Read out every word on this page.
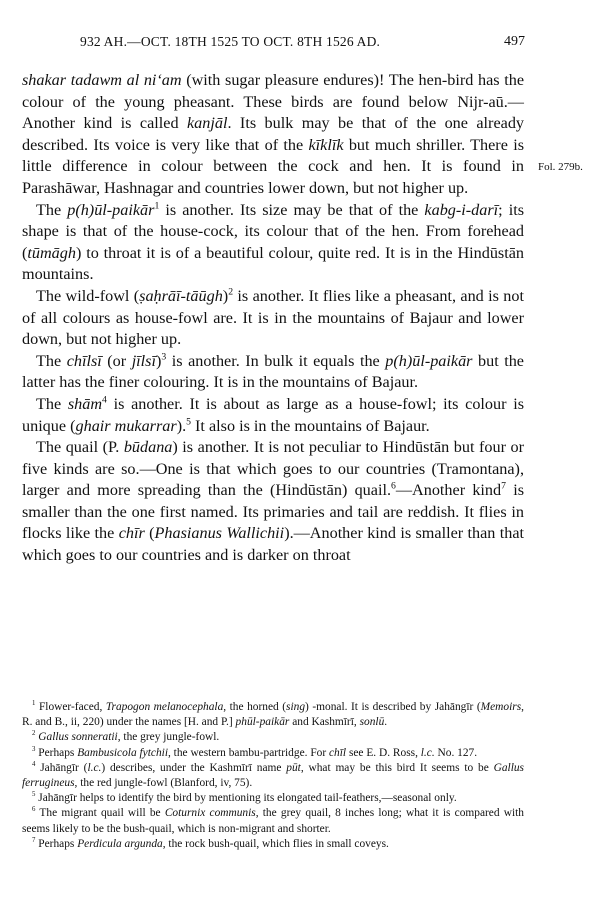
932 AH.—OCT. 18TH 1525 TO OCT. 8TH 1526 AD.	497
Fol. 279b.

shakar tadawm al ni‘am (with sugar pleasure endures)! The hen-bird has the colour of the young pheasant. These birds are found below Nijr-aū.—Another kind is called kanjāl. Its bulk may be that of the one already described. Its voice is very like that of the kīklīk but much shriller. There is little difference in colour between the cock and hen. It is found in Parashāwar, Hashnagar and countries lower down, but not higher up.

The p(h)ūl-paikār$^1$ is another. Its size may be that of the kabg-i-darī; its shape is that of the house-cock, its colour that of the hen. From forehead (tūmāgh) to throat it is of a beautiful colour, quite red. It is in the Hindūstān mountains.

The wild-fowl (ṣaḥrāī-tāūgh)$^2$ is another. It flies like a pheasant, and is not of all colours as house-fowl are. It is in the mountains of Bajaur and lower down, but not higher up.

The chīlsī (or jīlsī)$^3$ is another. In bulk it equals the p(h)ūl-paikār but the latter has the finer colouring. It is in the mountains of Bajaur.

The shām$^4$ is another. It is about as large as a house-fowl; its colour is unique (ghair mukarrar).$^5$ It also is in the mountains of Bajaur.

The quail (P. būdana) is another. It is not peculiar to Hindūstān but four or five kinds are so.—One is that which goes to our countries (Tramontana), larger and more spreading than the (Hindūstān) quail.$^6$—Another kind$^7$ is smaller than the one first named. Its primaries and tail are reddish. It flies in flocks like the chīr (Phasianus Wallichii).—Another kind is smaller than that which goes to our countries and is darker on throat

$^1$ Flower-faced, Trapogon melanocephala, the horned (sing) -monal. It is described by Jahāngīr (Memoirs, R. and B., ii, 220) under the names [H. and P.] phūl-paikār and Kashmīrī, sonlū.

$^2$ Gallus sonneratii, the grey jungle-fowl.

$^3$ Perhaps Bambusicola fytchii, the western bambu-partridge. For chīl see E. D. Ross, l.c. No. 127.

$^4$ Jahāngīr (l.c.) describes, under the Kashmīrī name pūt, what may be this bird It seems to be Gallus ferrugineus, the red jungle-fowl (Blanford, iv, 75).

$^5$ Jahāngīr helps to identify the bird by mentioning its elongated tail-feathers,—seasonal only.

$^6$ The migrant quail will be Coturnix communis, the grey quail, 8 inches long; what it is compared with seems likely to be the bush-quail, which is non-migrant and shorter.

$^7$ Perhaps Perdicula argunda, the rock bush-quail, which flies in small coveys.
